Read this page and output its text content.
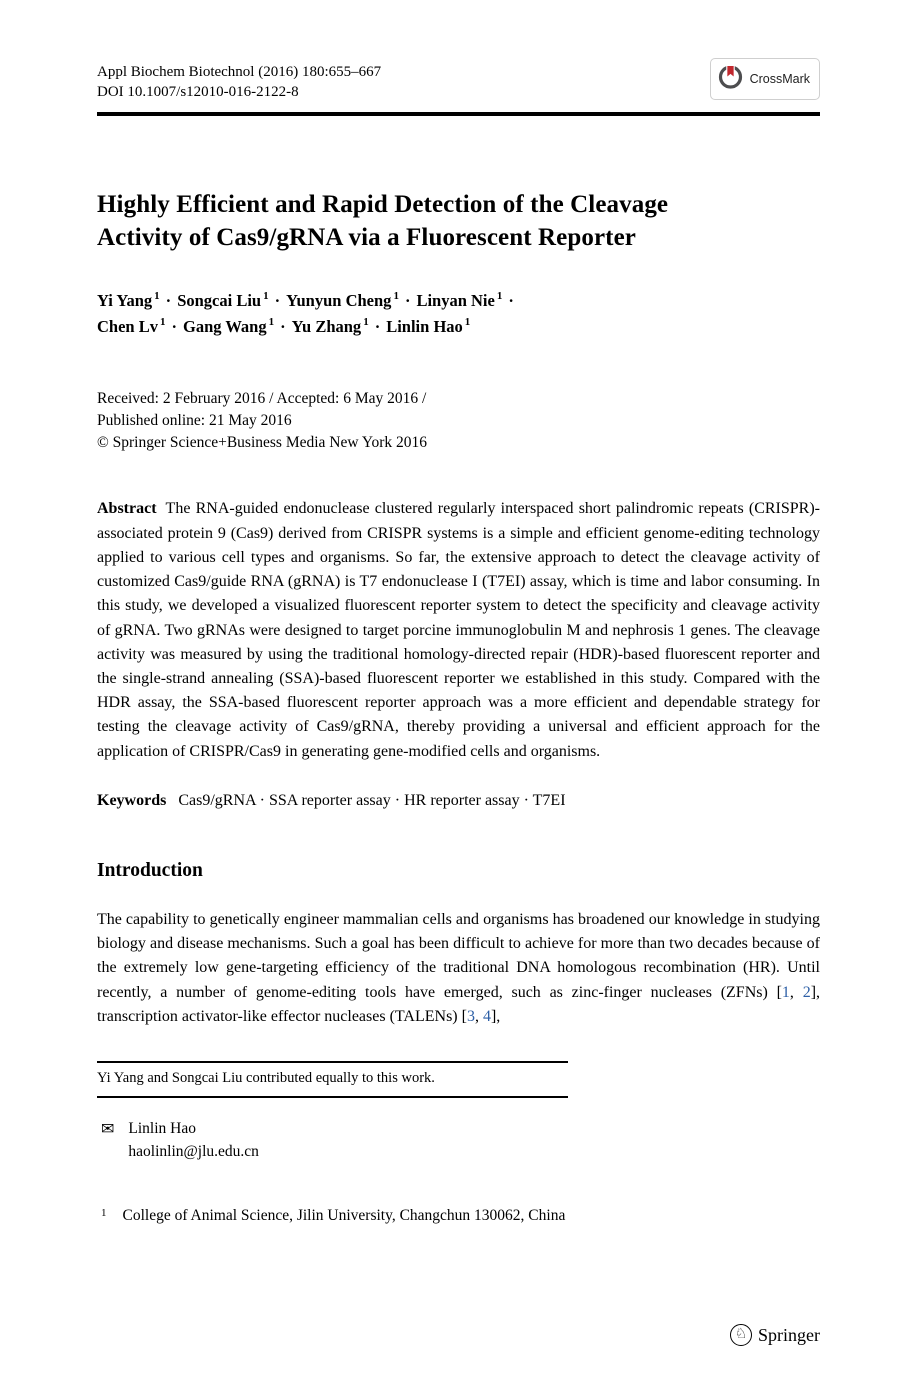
Appl Biochem Biotechnol (2016) 180:655–667
DOI 10.1007/s12010-016-2122-8
CrossMark
Highly Efficient and Rapid Detection of the Cleavage Activity of Cas9/gRNA via a Fluorescent Reporter
Yi Yang $^1$ · Songcai Liu $^1$ · Yunyun Cheng $^1$ · Linyan Nie $^1$ ·
Chen Lv $^1$ · Gang Wang $^1$ · Yu Zhang $^1$ · Linlin Hao $^1$
Received: 2 February 2016 / Accepted: 6 May 2016 /
Published online: 21 May 2016
© Springer Science+Business Media New York 2016

Abstract The RNA-guided endonuclease clustered regularly interspaced short palindromic repeats (CRISPR)-associated protein 9 (Cas9) derived from CRISPR systems is a simple and efficient genome-editing technology applied to various cell types and organisms. So far, the extensive approach to detect the cleavage activity of customized Cas9/guide RNA (gRNA) is T7 endonuclease I (T7EI) assay, which is time and labor consuming. In this study, we developed a visualized fluorescent reporter system to detect the specificity and cleavage activity of gRNA. Two gRNAs were designed to target porcine immunoglobulin M and nephrosis 1 genes. The cleavage activity was measured by using the traditional homology-directed repair (HDR)-based fluorescent reporter and the single-strand annealing (SSA)-based fluorescent reporter we established in this study. Compared with the HDR assay, the SSA-based fluorescent reporter approach was a more efficient and dependable strategy for testing the cleavage activity of Cas9/gRNA, thereby providing a universal and efficient approach for the application of CRISPR/Cas9 in generating gene-modified cells and organisms.

Keywords Cas9/gRNA · SSA reporter assay · HR reporter assay · T7EI

Introduction

The capability to genetically engineer mammalian cells and organisms has broadened our knowledge in studying biology and disease mechanisms. Such a goal has been difficult to achieve for more than two decades because of the extremely low gene-targeting efficiency of the traditional DNA homologous recombination (HR). Until recently, a number of genome-editing tools have emerged, such as zinc-finger nucleases (ZFNs) [1, 2], transcription activator-like effector nucleases (TALENs) [3, 4],

Yi Yang and Songcai Liu contributed equally to this work.
✉ Linlin Hao
haolinlin@jlu.edu.cn
1 College of Animal Science, Jilin University, Changchun 130062, China
♘ Springer
